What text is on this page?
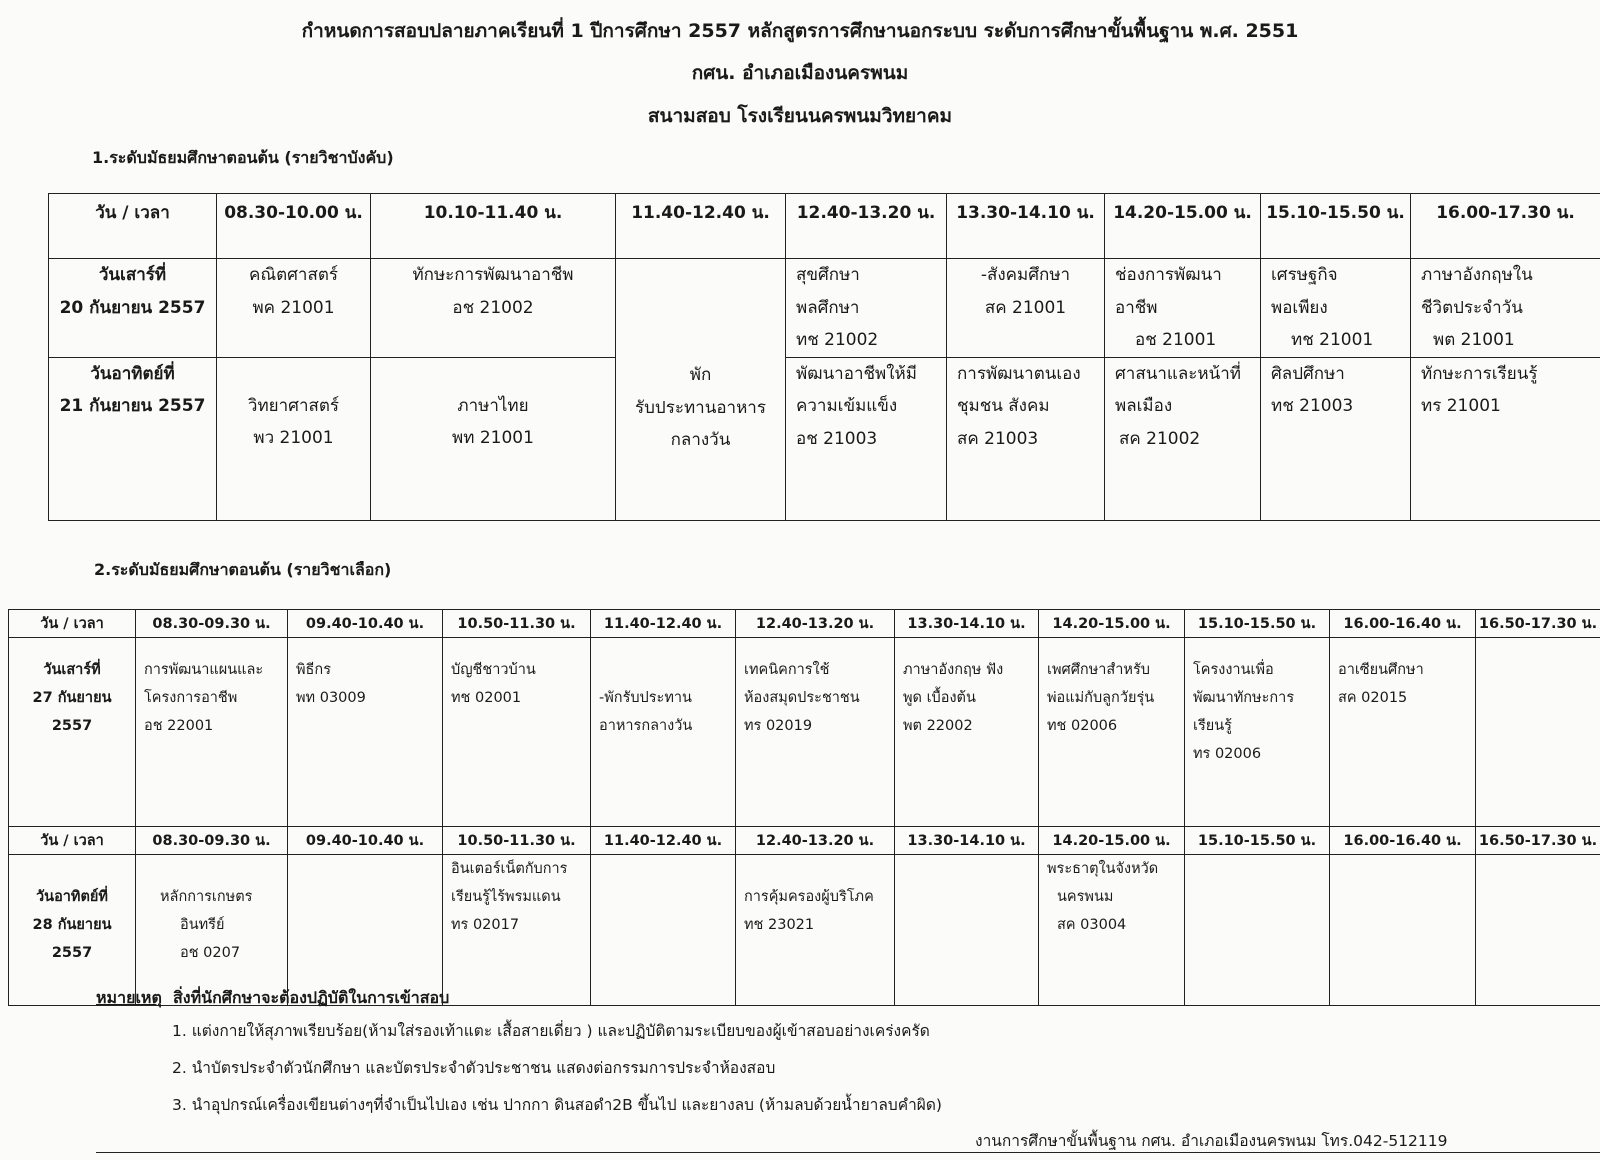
กำหนดการสอบปลายภาคเรียนที่ 1 ปีการศึกษา 2557 หลักสูตรการศึกษานอกระบบ ระดับการศึกษาขั้นพื้นฐาน พ.ศ. 2551
กศน. อำเภอเมืองนครพนม
สนามสอบ โรงเรียนนครพนมวิทยาคม
1.ระดับมัธยมศึกษาตอนต้น (รายวิชาบังคับ)
วัน / เวลา	08.30-10.00 น.	10.10-11.40 น.	11.40-12.40 น.	12.40-13.20 น.	13.30-14.10 น.	14.20-15.00 น.	15.10-15.50 น.	16.00-17.30 น.

วันเสาร์ที่
20 กันยายน 2557	คณิตศาสตร์
พค 21001	ทักษะการพัฒนาอาชีพ
อช 21002	พัก
รับประทานอาหาร
กลางวัน	สุขศึกษา
พลศึกษา
ทช 21002	-สังคมศึกษา
สค 21001	ช่องการพัฒนา
อาชีพ
อช 21001	เศรษฐกิจ
พอเพียง
ทช 21001	ภาษาอังกฤษใน
ชีวิตประจำวัน
พต 21001

วันอาทิตย์ที่
21 กันยายน 2557	วิทยาศาสตร์
พว 21001	ภาษาไทย
พท 21001		พัฒนาอาชีพให้มี
ความเข้มแข็ง
อช 21003	การพัฒนาตนเอง
ชุมชน สังคม
สค 21003	ศาสนาและหน้าที่
พลเมือง
สค 21002	ศิลปศึกษา
ทช 21003	ทักษะการเรียนรู้
ทร 21001
2.ระดับมัธยมศึกษาตอนต้น (รายวิชาเลือก)
วัน / เวลา	08.30-09.30 น.	09.40-10.40 น.	10.50-11.30 น.	11.40-12.40 น.	12.40-13.20 น.	13.30-14.10 น.	14.20-15.00 น.	15.10-15.50 น.	16.00-16.40 น.	16.50-17.30 น.

วันเสาร์ที่
27 กันยายน
2557	การพัฒนาแผนและ
โครงการอาชีพ
อช 22001	พิธีกร
พท 03009	บัญชีชาวบ้าน
ทช 02001	-พักรับประทาน
อาหารกลางวัน	เทคนิคการใช้
ห้องสมุดประชาชน
ทร 02019	ภาษาอังกฤษ ฟัง
พูด เบื้องต้น
พต 22002	เพศศึกษาสำหรับ
พ่อแม่กับลูกวัยรุ่น
ทช 02006	โครงงานเพื่อ
พัฒนาทักษะการ
เรียนรู้
ทร 02006	อาเซียนศึกษา
สค 02015	

วัน / เวลา	08.30-09.30 น.	09.40-10.40 น.	10.50-11.30 น.	11.40-12.40 น.	12.40-13.20 น.	13.30-14.10 น.	14.20-15.00 น.	15.10-15.50 น.	16.00-16.40 น.	16.50-17.30 น.

วันอาทิตย์ที่
28 กันยายน
2557	หลักการเกษตร
อินทรีย์
อช 0207		อินเตอร์เน็ตกับการ
เรียนรู้ไร้พรมแดน
ทร 02017		การคุ้มครองผู้บริโภค
ทช 23021		พระธาตุในจังหวัด
นครพนม
สค 03004			

หมายเหตุ สิ่งที่นักศึกษาจะต้องปฏิบัติในการเข้าสอบ
1. แต่งกายให้สุภาพเรียบร้อย(ห้ามใส่รองเท้าแตะ เสื้อสายเดี่ยว ) และปฏิบัติตามระเบียบของผู้เข้าสอบอย่างเคร่งครัด
2. นำบัตรประจำตัวนักศึกษา และบัตรประจำตัวประชาชน แสดงต่อกรรมการประจำห้องสอบ
3. นำอุปกรณ์เครื่องเขียนต่างๆที่จำเป็นไปเอง เช่น ปากกา ดินสอดำ2B ขึ้นไป และยางลบ (ห้ามลบด้วยน้ำยาลบคำผิด)
งานการศึกษาขั้นพื้นฐาน กศน. อำเภอเมืองนครพนม โทร.042-512119
